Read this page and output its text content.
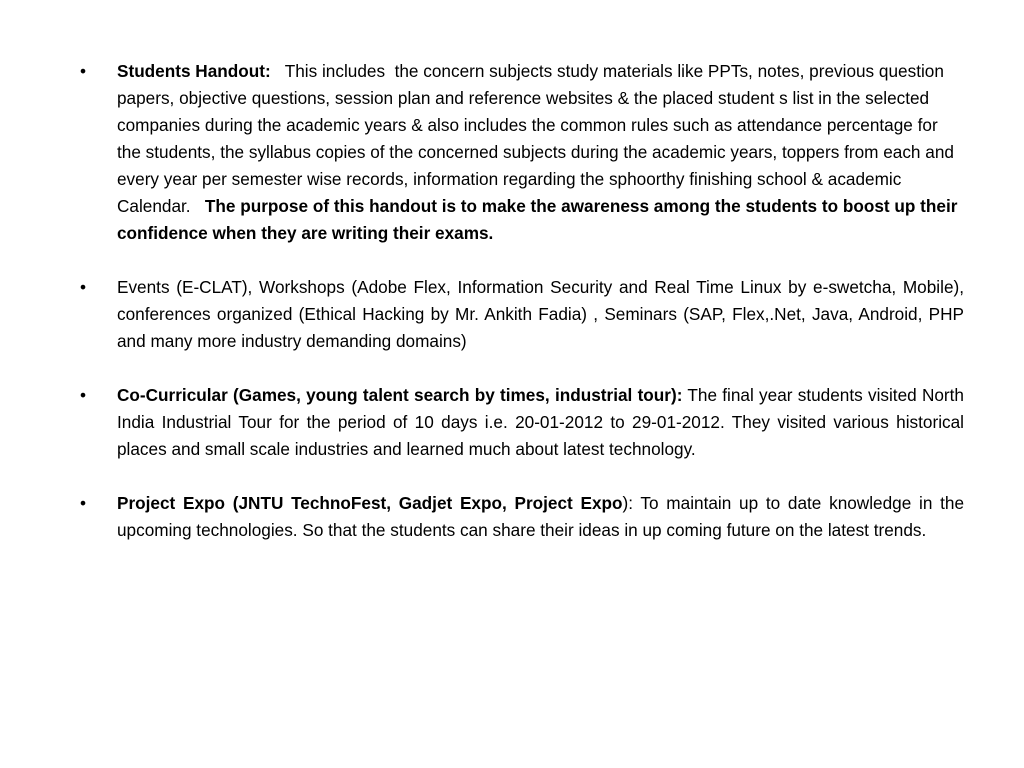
•	Students Handout:   This includes  the concern subjects study materials like PPTs, notes, previous question papers, objective questions, session plan and reference websites & the placed student s list in the selected companies during the academic years & also includes the common rules such as attendance percentage for the students, the syllabus copies of the concerned subjects during the academic years, toppers from each and every year per semester wise records, information regarding the sphoorthy finishing school & academic Calendar.   The purpose of this handout is to make the awareness among the students to boost up their confidence when they are writing their exams.
•	Events (E-CLAT), Workshops (Adobe Flex, Information Security and Real Time Linux by e-swetcha, Mobile), conferences organized (Ethical Hacking by Mr. Ankith Fadia) , Seminars (SAP, Flex,.Net, Java, Android, PHP and many more industry demanding domains)
•	Co-Curricular (Games, young talent search by times, industrial tour): The final year students visited North India Industrial Tour for the period of 10 days i.e. 20-01-2012 to 29-01-2012. They visited various historical places and small scale industries and learned much about latest technology.
•	Project Expo (JNTU TechnoFest, Gadjet Expo, Project Expo): To maintain up to date knowledge in the upcoming technologies. So that the students can share their ideas in up coming future on the latest trends.
